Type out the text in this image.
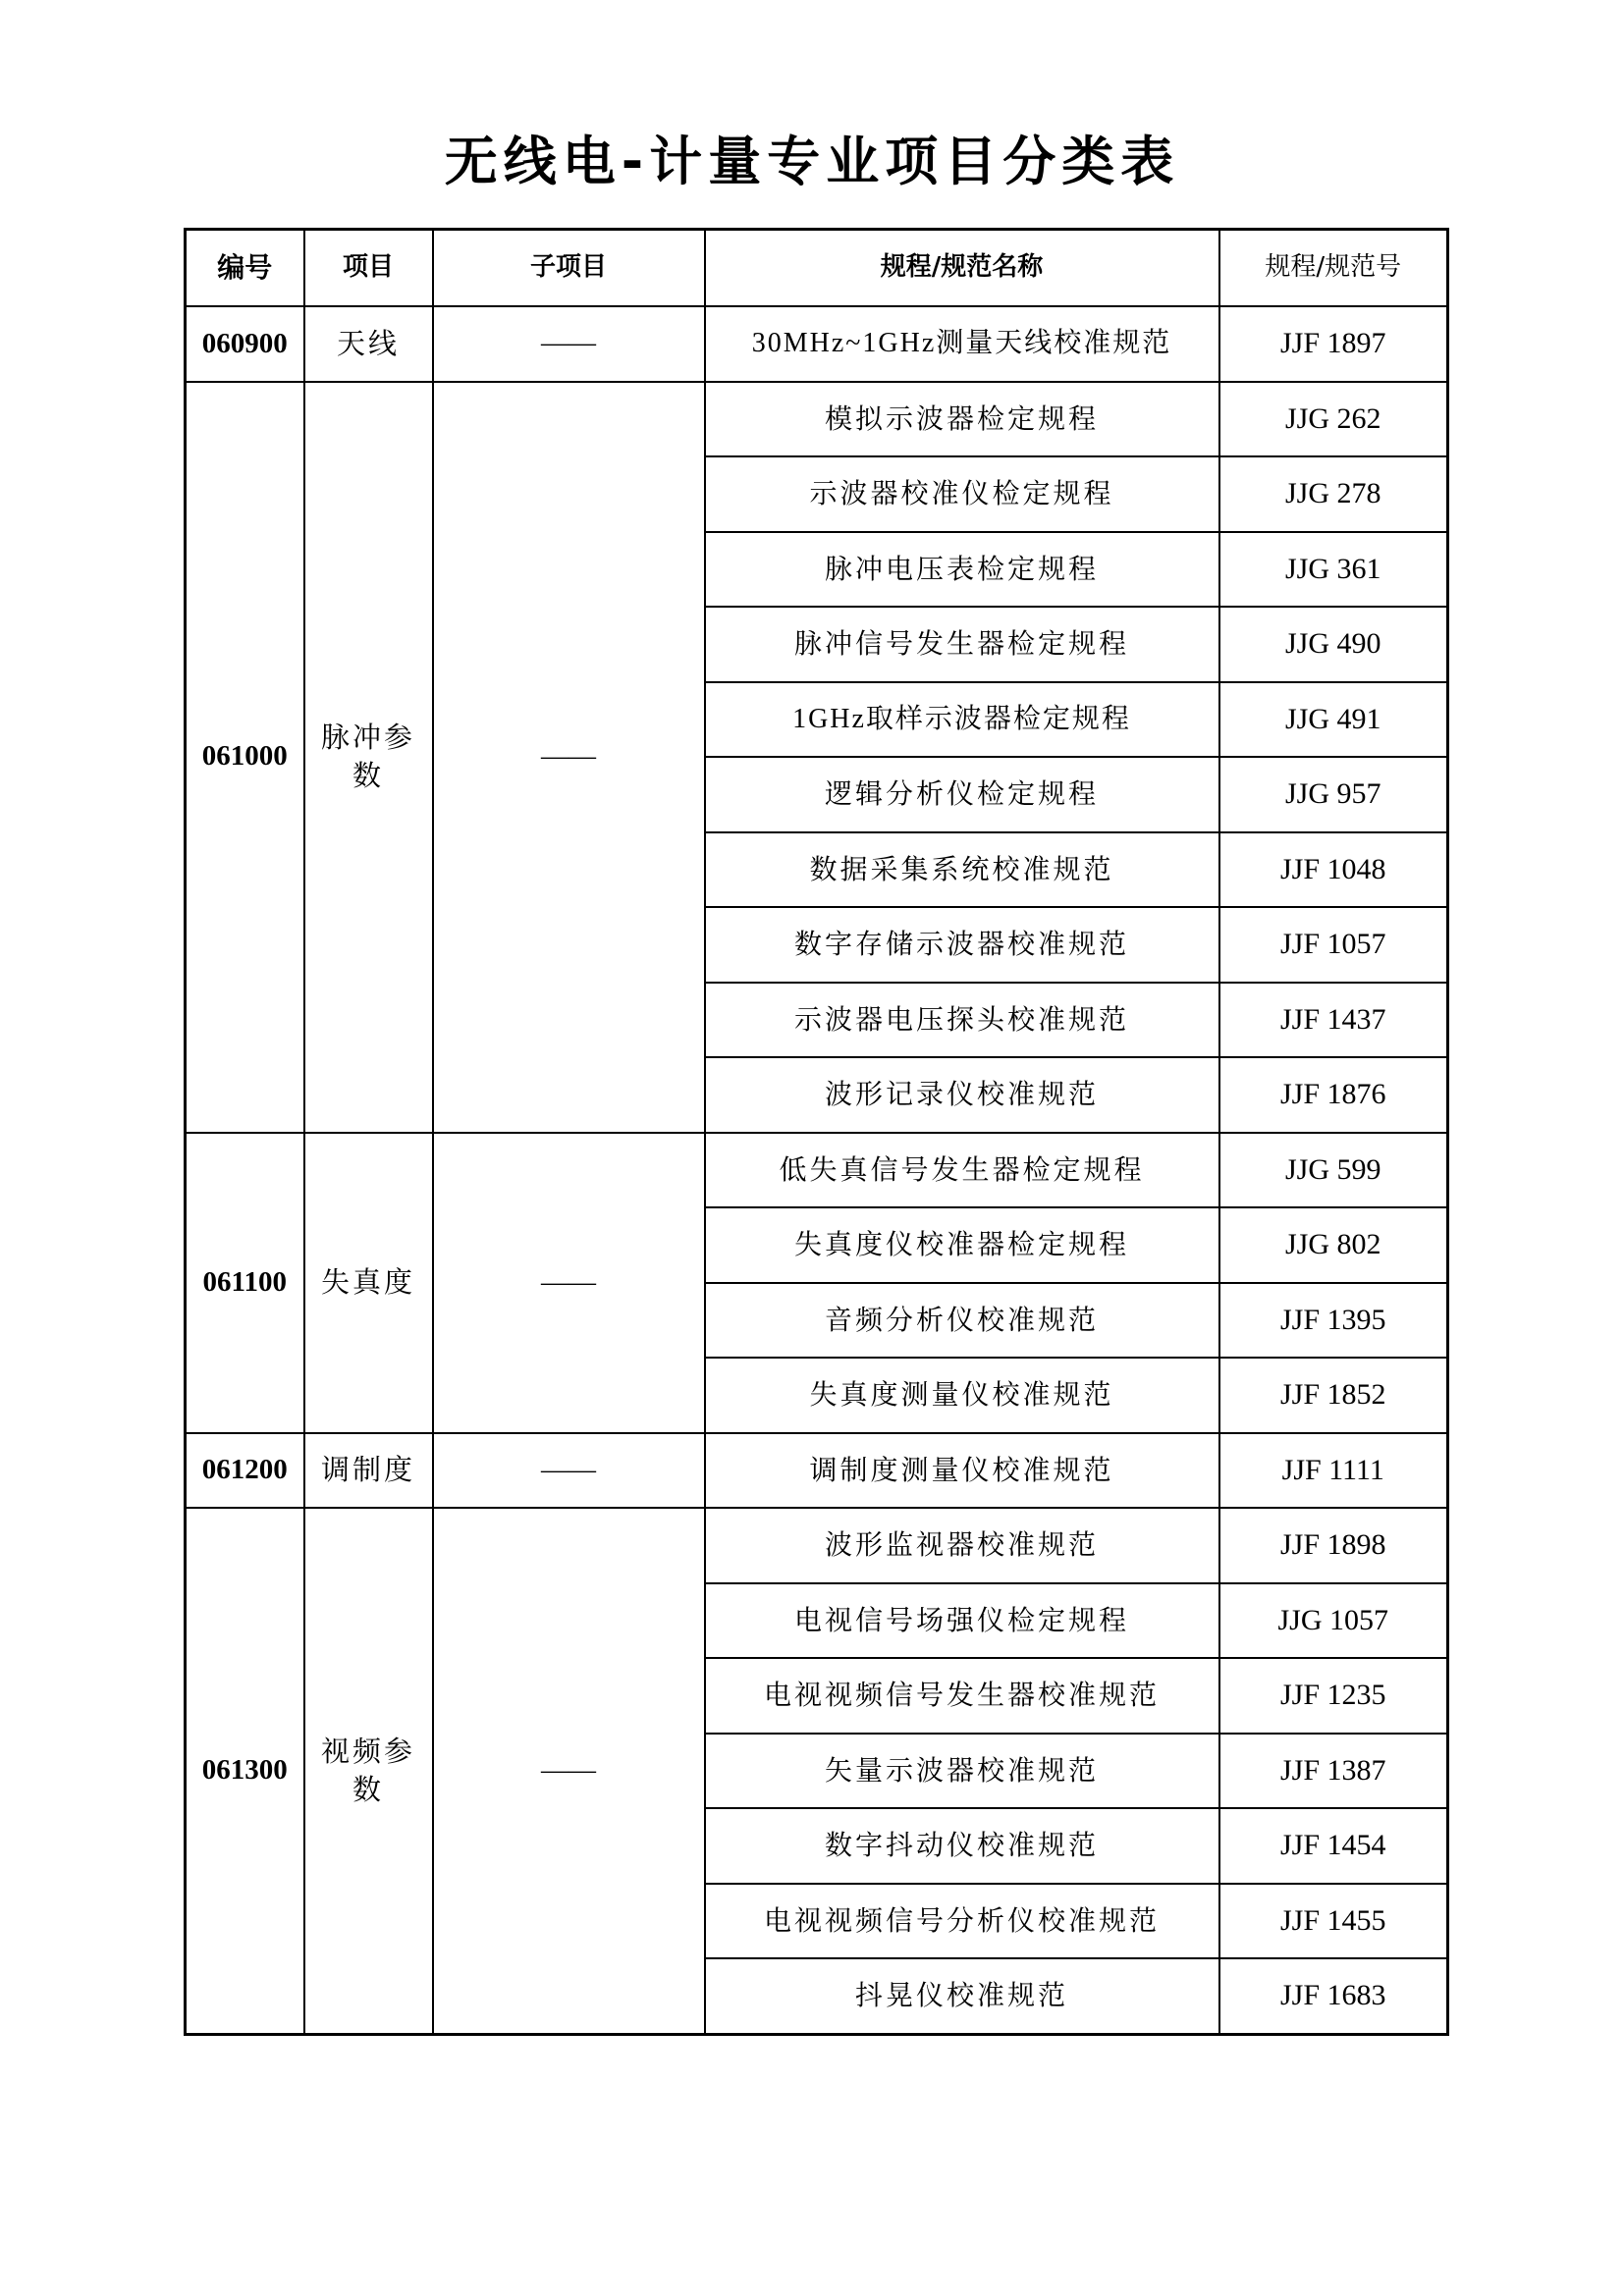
无线电-计量专业项目分类表
编号	项目	子项目	规程/规范名称	规程/规范号
060900	天线	——	30MHz~1GHz测量天线校准规范	JJF 1897
061000	脉冲参数	——	模拟示波器检定规程	JJG 262
			示波器校准仪检定规程	JJG 278
			脉冲电压表检定规程	JJG 361
			脉冲信号发生器检定规程	JJG 490
			1GHz取样示波器检定规程	JJG 491
			逻辑分析仪检定规程	JJG 957
			数据采集系统校准规范	JJF 1048
			数字存储示波器校准规范	JJF 1057
			示波器电压探头校准规范	JJF 1437
			波形记录仪校准规范	JJF 1876
061100	失真度	——	低失真信号发生器检定规程	JJG 599
			失真度仪校准器检定规程	JJG 802
			音频分析仪校准规范	JJF 1395
			失真度测量仪校准规范	JJF 1852
061200	调制度	——	调制度测量仪校准规范	JJF 1111
061300	视频参数	——	波形监视器校准规范	JJF 1898
			电视信号场强仪检定规程	JJG 1057
			电视视频信号发生器校准规范	JJF 1235
			矢量示波器校准规范	JJF 1387
			数字抖动仪校准规范	JJF 1454
			电视视频信号分析仪校准规范	JJF 1455
			抖晃仪校准规范	JJF 1683
